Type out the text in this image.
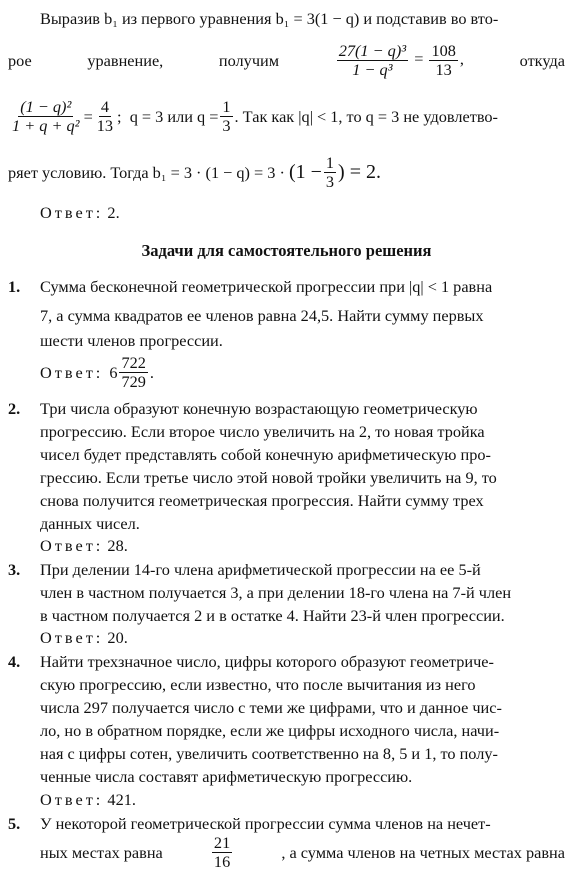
Выразив b₁ из первого уравнения b₁ = 3(1 − q) и подставив во вто-
рое	уравнение,	получим	$\frac{\text{27(1 − q)³}}{\text{1 − q³}} = \frac{108}{13}$ ,	откуда
$\frac{\text{(1 − q)²}}{\text{1 + q + q²}} = \frac{4}{13}$ ;  q = 3 или $q = \frac{1}{3}$ . Так как |q| < 1, то q = 3 не удовлетво-
ряет условию. Тогда $b_1 = 3 \cdot (1 - q) = 3 \cdot (1 - \frac{1}{3}$ ) = 2.
Ответ: 2.
Задачи для самостоятельного решения
1. Сумма бесконечной геометрической прогрессии при |q| < 1 равна
7, а сумма квадратов ее членов равна 24,5. Найти сумму первых
шести членов прогрессии.
Ответ: $6 \frac{722}{729}$ .
2. Три числа образуют конечную возрастающую геометрическую
прогрессию. Если второе число увеличить на 2, то новая тройка
чисел будет представлять собой конечную арифметическую про-
грессию. Если третье число этой новой тройки увеличить на 9, то
снова получится геометрическая прогрессия. Найти сумму трех
данных чисел.
Ответ: 28.
3. При делении 14-го члена арифметической прогрессии на ее 5-й
член в частном получается 3, а при делении 18-го члена на 7-й член
в частном получается 2 и в остатке 4. Найти 23-й член прогрессии.
Ответ: 20.
4. Найти трехзначное число, цифры которого образуют геометриче-
скую прогрессию, если известно, что после вычитания из него
числа 297 получается число с теми же цифрами, что и данное чис-
ло, но в обратном порядке, если же цифры исходного числа, начи-
ная с цифры сотен, увеличить соответственно на 8, 5 и 1, то полу-
ченные числа составят арифметическую прогрессию.
Ответ: 421.
5. У некоторой геометрической прогрессии сумма членов на нечет-
ных местах равна	$\frac{21}{16}$	, а сумма членов на четных местах равна
